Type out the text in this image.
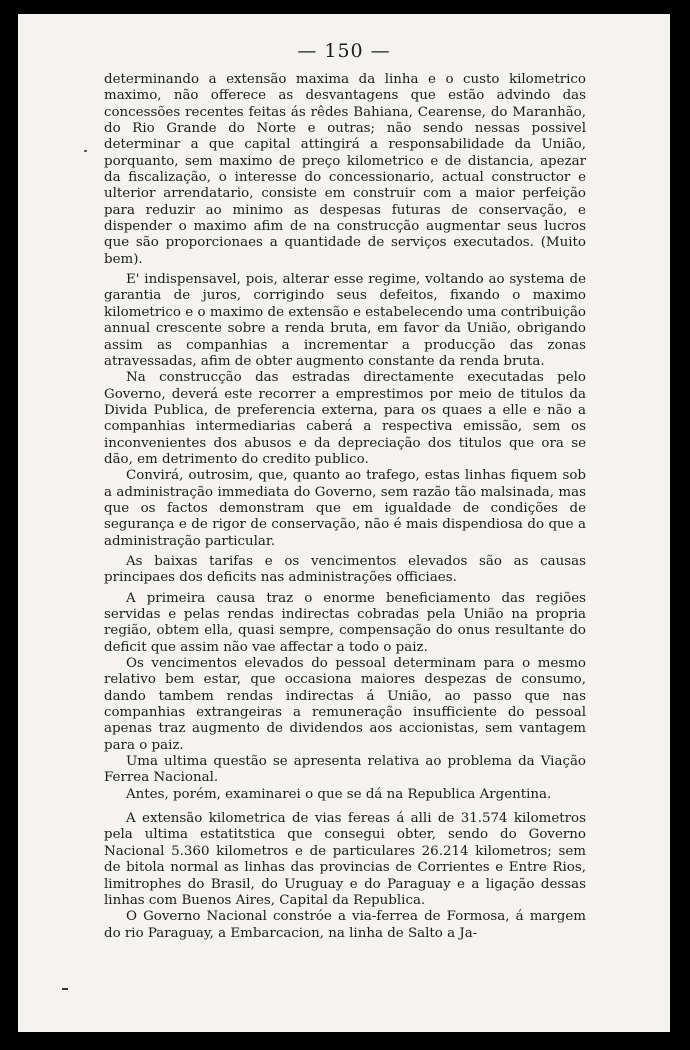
— 150 —

determinando a extensão maxima da linha e o custo kilometrico maximo, não offerece as desvantagens que estão advindo das concessões recentes feitas ás rêdes Bahiana, Cearense, do Maranhão, do Rio Grande do Norte e outras; não sendo nessas possivel determinar a que capital attingirá a responsabilidade da União, porquanto, sem maximo de preço kilometrico e de distancia, apezar da fiscalização, o interesse do concessionario, actual constructor e ulterior arrendatario, consiste em construir com a maior perfeição para reduzir ao minimo as despesas futuras de conservação, e dispender o maximo afim de na construcção augmentar seus lucros que são proporcionaes a quantidade de serviços executados. (Muito bem).

E' indispensavel, pois, alterar esse regime, voltando ao systema de garantia de juros, corrigindo seus defeitos, fixando o maximo kilometrico e o maximo de extensão e estabelecendo uma contribuição annual crescente sobre a renda bruta, em favor da União, obrigando assim as companhias a incrementar a producção das zonas atravessadas, afim de obter augmento constante da renda bruta.

Na construcção das estradas directamente executadas pelo Governo, deverá este recorrer a emprestimos por meio de titulos da Divida Publica, de preferencia externa, para os quaes a elle e não a companhias intermediarias caberá a respectiva emissão, sem os inconvenientes dos abusos e da depreciação dos titulos que ora se dão, em detrimento do credito publico.

Convirá, outrosim, que, quanto ao trafego, estas linhas fiquem sob a administração immediata do Governo, sem razão tão malsinada, mas que os factos demonstram que em igualdade de condições de segurança e de rigor de conservação, não é mais dispendiosa do que a administração particular.

As baixas tarifas e os vencimentos elevados são as causas principaes dos deficits nas administrações officiaes.

A primeira causa traz o enorme beneficiamento das regiões servidas e pelas rendas indirectas cobradas pela União na propria região, obtem ella, quasi sempre, compensação do onus resultante do deficit que assim não vae affectar a todo o paiz.

Os vencimentos elevados do pessoal determinam para o mesmo relativo bem estar, que occasiona maiores despezas de consumo, dando tambem rendas indirectas á União, ao passo que nas companhias extrangeiras a remuneração insufficiente do pessoal apenas traz augmento de dividendos aos accionistas, sem vantagem para o paiz.

Uma ultima questão se apresenta relativa ao problema da Viação Ferrea Nacional.

Antes, porém, examinarei o que se dá na Republica Argentina.

A extensão kilometrica de vias fereas á alli de 31.574 kilometros pela ultima estatitstica que consegui obter, sendo do Governo Nacional 5.360 kilometros e de particulares 26.214 kilometros; sem de bitola normal as linhas das provincias de Corrientes e Entre Rios, limitrophes do Brasil, do Uruguay e do Paraguay e a ligação dessas linhas com Buenos Aires, Capital da Republica.

O Governo Nacional constróe a via-ferrea de Formosa, á margem do rio Paraguay, a Embarcacion, na linha de Salto a Ja-
